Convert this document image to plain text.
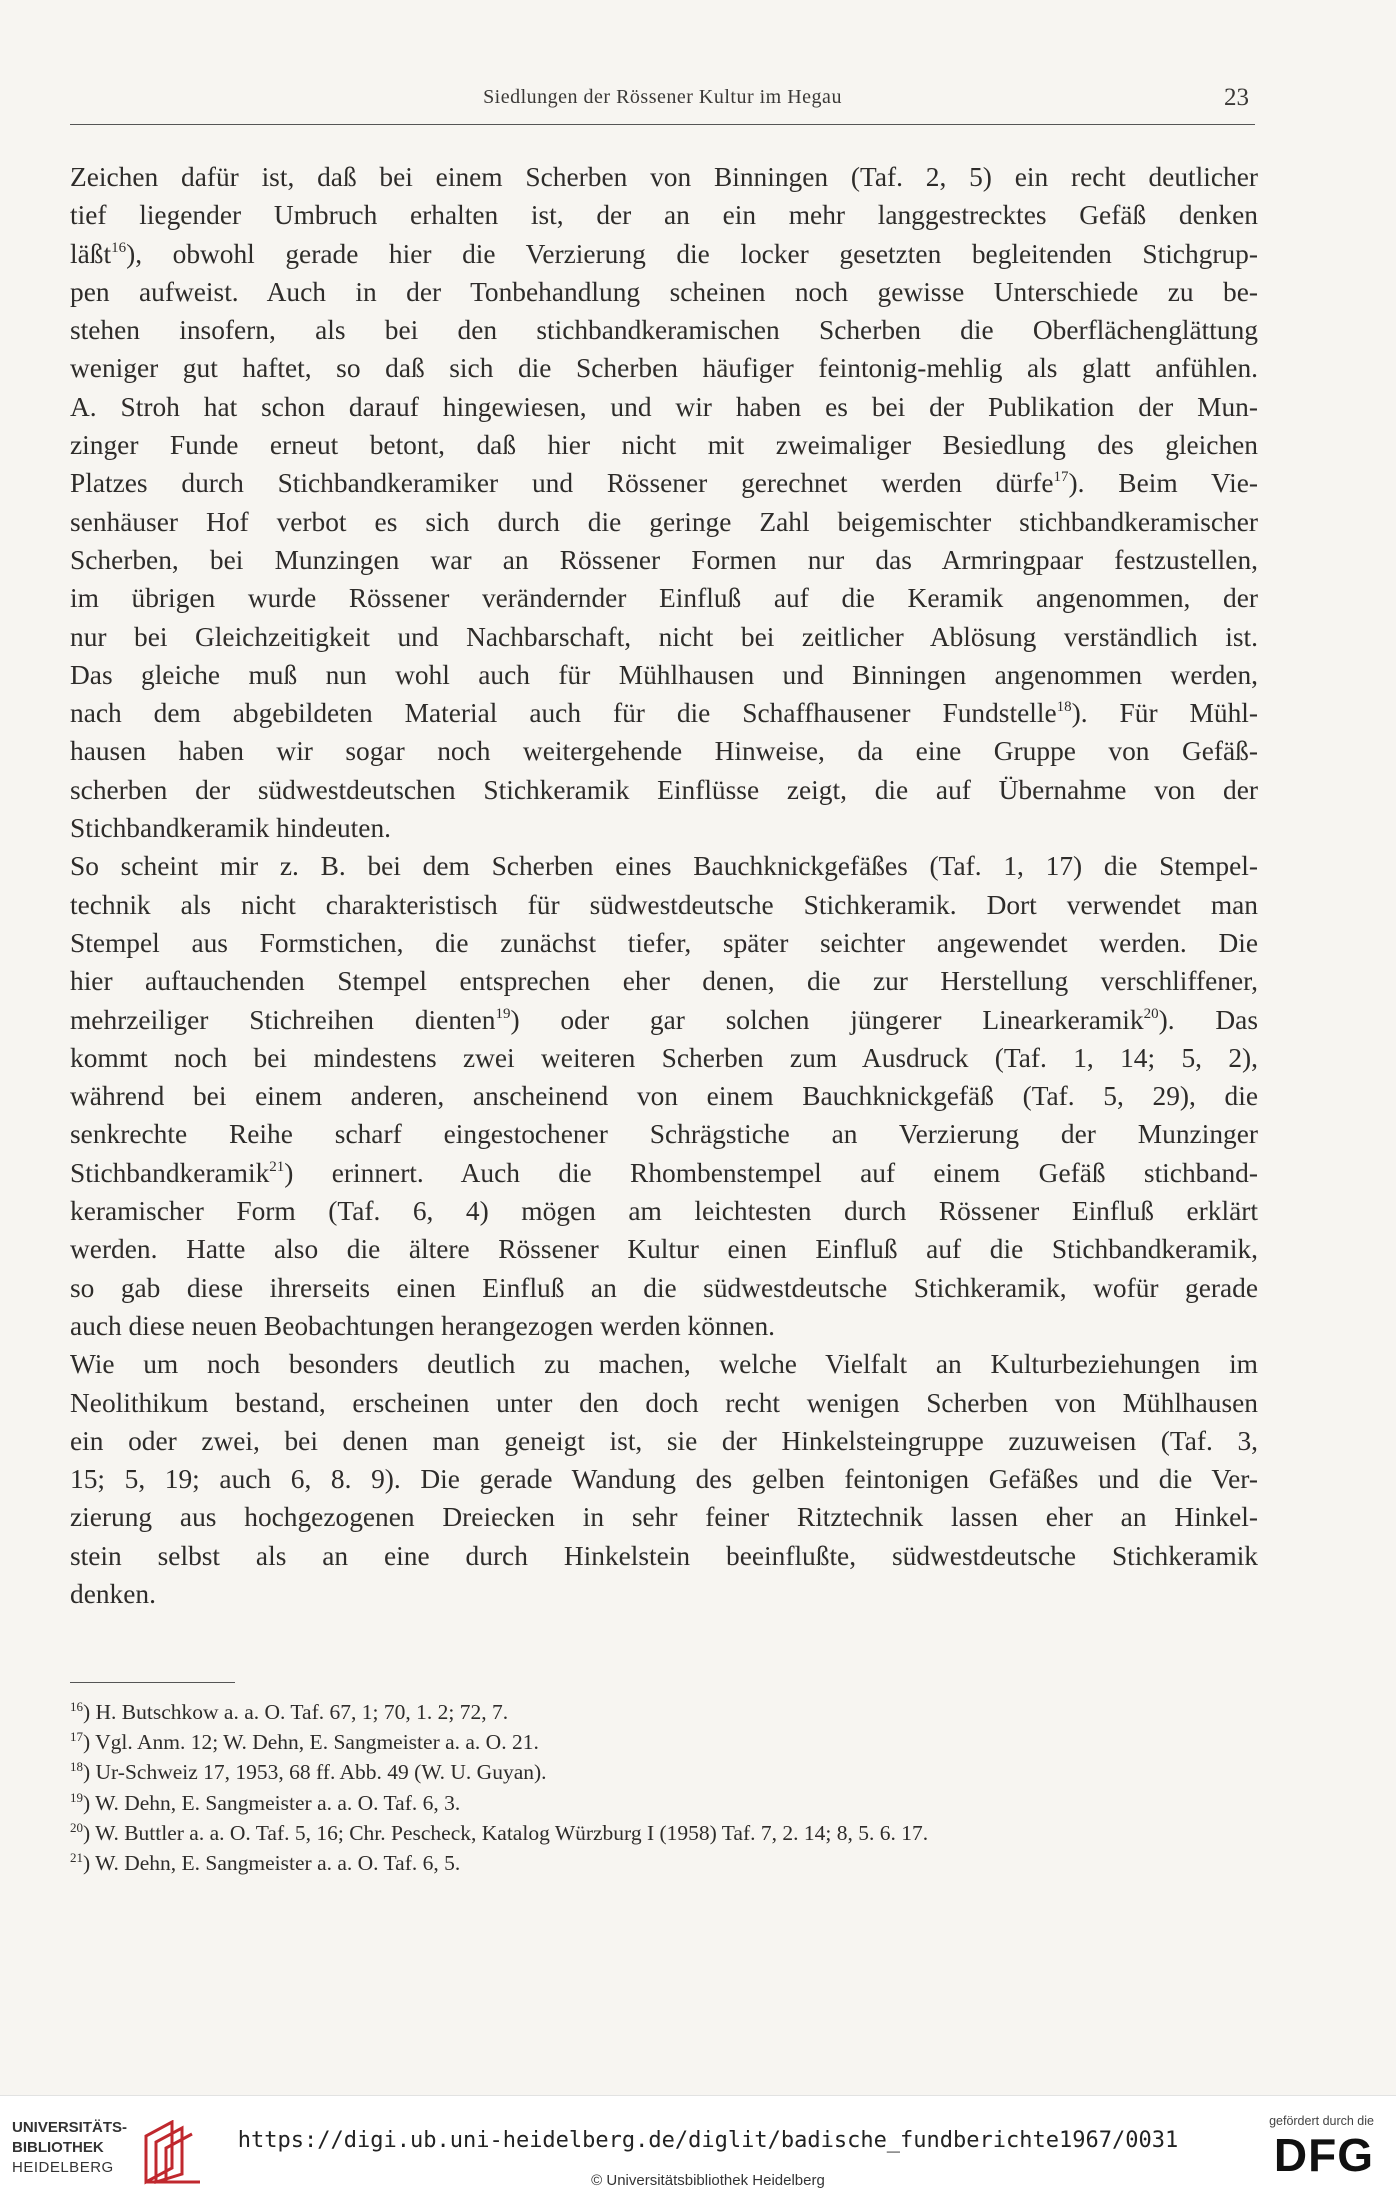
Siedlungen der Rössener Kultur im Hegau	23
Zeichen dafür ist, daß bei einem Scherben von Binningen (Taf. 2, 5) ein recht deutlicher
tief liegender Umbruch erhalten ist, der an ein mehr langgestrecktes Gefäß denken
läßt$^{16}$), obwohl gerade hier die Verzierung die locker gesetzten begleitenden Stichgrup-
pen aufweist. Auch in der Tonbehandlung scheinen noch gewisse Unterschiede zu be-
stehen insofern, als bei den stichbandkeramischen Scherben die Oberflächenglättung
weniger gut haftet, so daß sich die Scherben häufiger feintonig-mehlig als glatt anfühlen.
A. Stroh hat schon darauf hingewiesen, und wir haben es bei der Publikation der Mun-
zinger Funde erneut betont, daß hier nicht mit zweimaliger Besiedlung des gleichen
Platzes durch Stichbandkeramiker und Rössener gerechnet werden dürfe$^{17}$). Beim Vie-
senhäuser Hof verbot es sich durch die geringe Zahl beigemischter stichbandkeramischer
Scherben, bei Munzingen war an Rössener Formen nur das Armringpaar festzustellen,
im übrigen wurde Rössener verändernder Einfluß auf die Keramik angenommen, der
nur bei Gleichzeitigkeit und Nachbarschaft, nicht bei zeitlicher Ablösung verständlich ist.
Das gleiche muß nun wohl auch für Mühlhausen und Binningen angenommen werden,
nach dem abgebildeten Material auch für die Schaffhausener Fundstelle$^{18}$). Für Mühl-
hausen haben wir sogar noch weitergehende Hinweise, da eine Gruppe von Gefäß-
scherben der südwestdeutschen Stichkeramik Einflüsse zeigt, die auf Übernahme von der
Stichbandkeramik hindeuten.
So scheint mir z. B. bei dem Scherben eines Bauchknickgefäßes (Taf. 1, 17) die Stempel-
technik als nicht charakteristisch für südwestdeutsche Stichkeramik. Dort verwendet man
Stempel aus Formstichen, die zunächst tiefer, später seichter angewendet werden. Die
hier auftauchenden Stempel entsprechen eher denen, die zur Herstellung verschliffener,
mehrzeiliger Stichreihen dienten$^{19}$) oder gar solchen jüngerer Linearkeramik$^{20}$). Das
kommt noch bei mindestens zwei weiteren Scherben zum Ausdruck (Taf. 1, 14; 5, 2),
während bei einem anderen, anscheinend von einem Bauchknickgefäß (Taf. 5, 29), die
senkrechte Reihe scharf eingestochener Schrägstiche an Verzierung der Munzinger
Stichbandkeramik$^{21}$) erinnert. Auch die Rhombenstempel auf einem Gefäß stichband-
keramischer Form (Taf. 6, 4) mögen am leichtesten durch Rössener Einfluß erklärt
werden. Hatte also die ältere Rössener Kultur einen Einfluß auf die Stichbandkeramik,
so gab diese ihrerseits einen Einfluß an die südwestdeutsche Stichkeramik, wofür gerade
auch diese neuen Beobachtungen herangezogen werden können.
Wie um noch besonders deutlich zu machen, welche Vielfalt an Kulturbeziehungen im
Neolithikum bestand, erscheinen unter den doch recht wenigen Scherben von Mühlhausen
ein oder zwei, bei denen man geneigt ist, sie der Hinkelsteingruppe zuzuweisen (Taf. 3,
15; 5, 19; auch 6, 8. 9). Die gerade Wandung des gelben feintonigen Gefäßes und die Ver-
zierung aus hochgezogenen Dreiecken in sehr feiner Ritztechnik lassen eher an Hinkel-
stein selbst als an eine durch Hinkelstein beeinflußte, südwestdeutsche Stichkeramik
denken.
$^{16}$) H. Butschkow a. a. O. Taf. 67, 1; 70, 1. 2; 72, 7.
$^{17}$) Vgl. Anm. 12; W. Dehn, E. Sangmeister a. a. O. 21.
$^{18}$) Ur-Schweiz 17, 1953, 68 ff. Abb. 49 (W. U. Guyan).
$^{19}$) W. Dehn, E. Sangmeister a. a. O. Taf. 6, 3.
$^{20}$) W. Buttler a. a. O. Taf. 5, 16; Chr. Pescheck, Katalog Würzburg I (1958) Taf. 7, 2. 14; 8, 5. 6. 17.
$^{21}$) W. Dehn, E. Sangmeister a. a. O. Taf. 6, 5.
UNIVERSITÄTS-
BIBLIOTHEK
HEIDELBERG
https://digi.ub.uni-heidelberg.de/diglit/badische_fundberichte1967/0031
© Universitätsbibliothek Heidelberg
gefördert durch die
DFG
